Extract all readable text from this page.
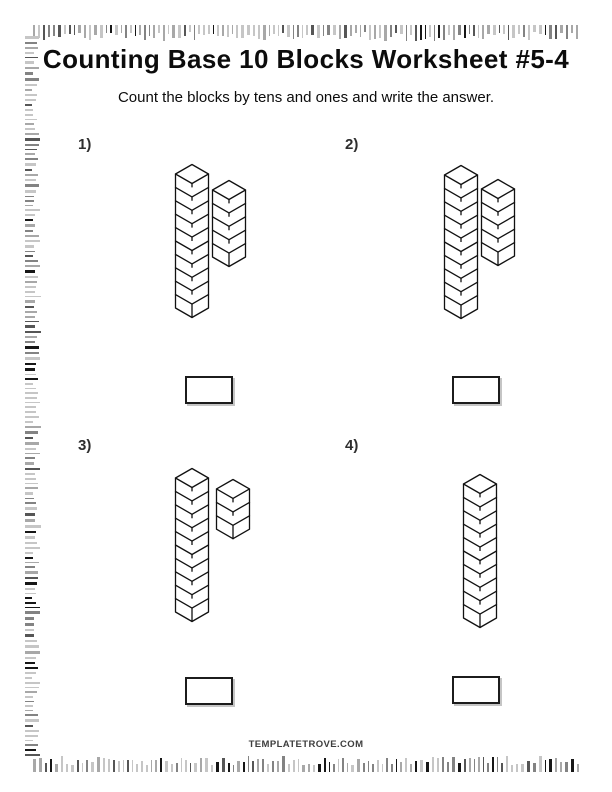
Counting Base 10 Blocks Worksheet #5-4
Count the blocks by tens and ones and write the answer.
1)	2)
3)	4)
TEMPLATETROVE.COM
